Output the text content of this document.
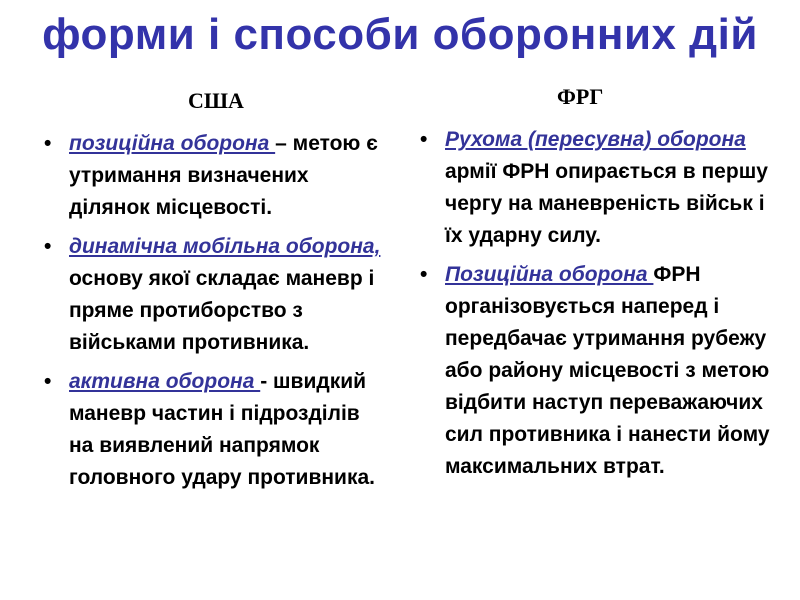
форми і способи оборонних дій
США	ФРГ
• позиційна оборона – метою є утримання визначених ділянок місцевості.
• динамічна мобільна оборона, основу якої складає маневр і пряме протиборство з військами противника.
• активна оборона - швидкий маневр частин і підрозділів на виявлений напрямок головного удару противника.
• Рухома (пересувна) оборона армії ФРН опирається в першу чергу на маневреність військ і їх ударну силу.
• Позиційна оборона ФРН організовується наперед і передбачає утримання рубежу або району місцевості з метою відбити наступ переважаючих сил противника і нанести йому максимальних втрат.
